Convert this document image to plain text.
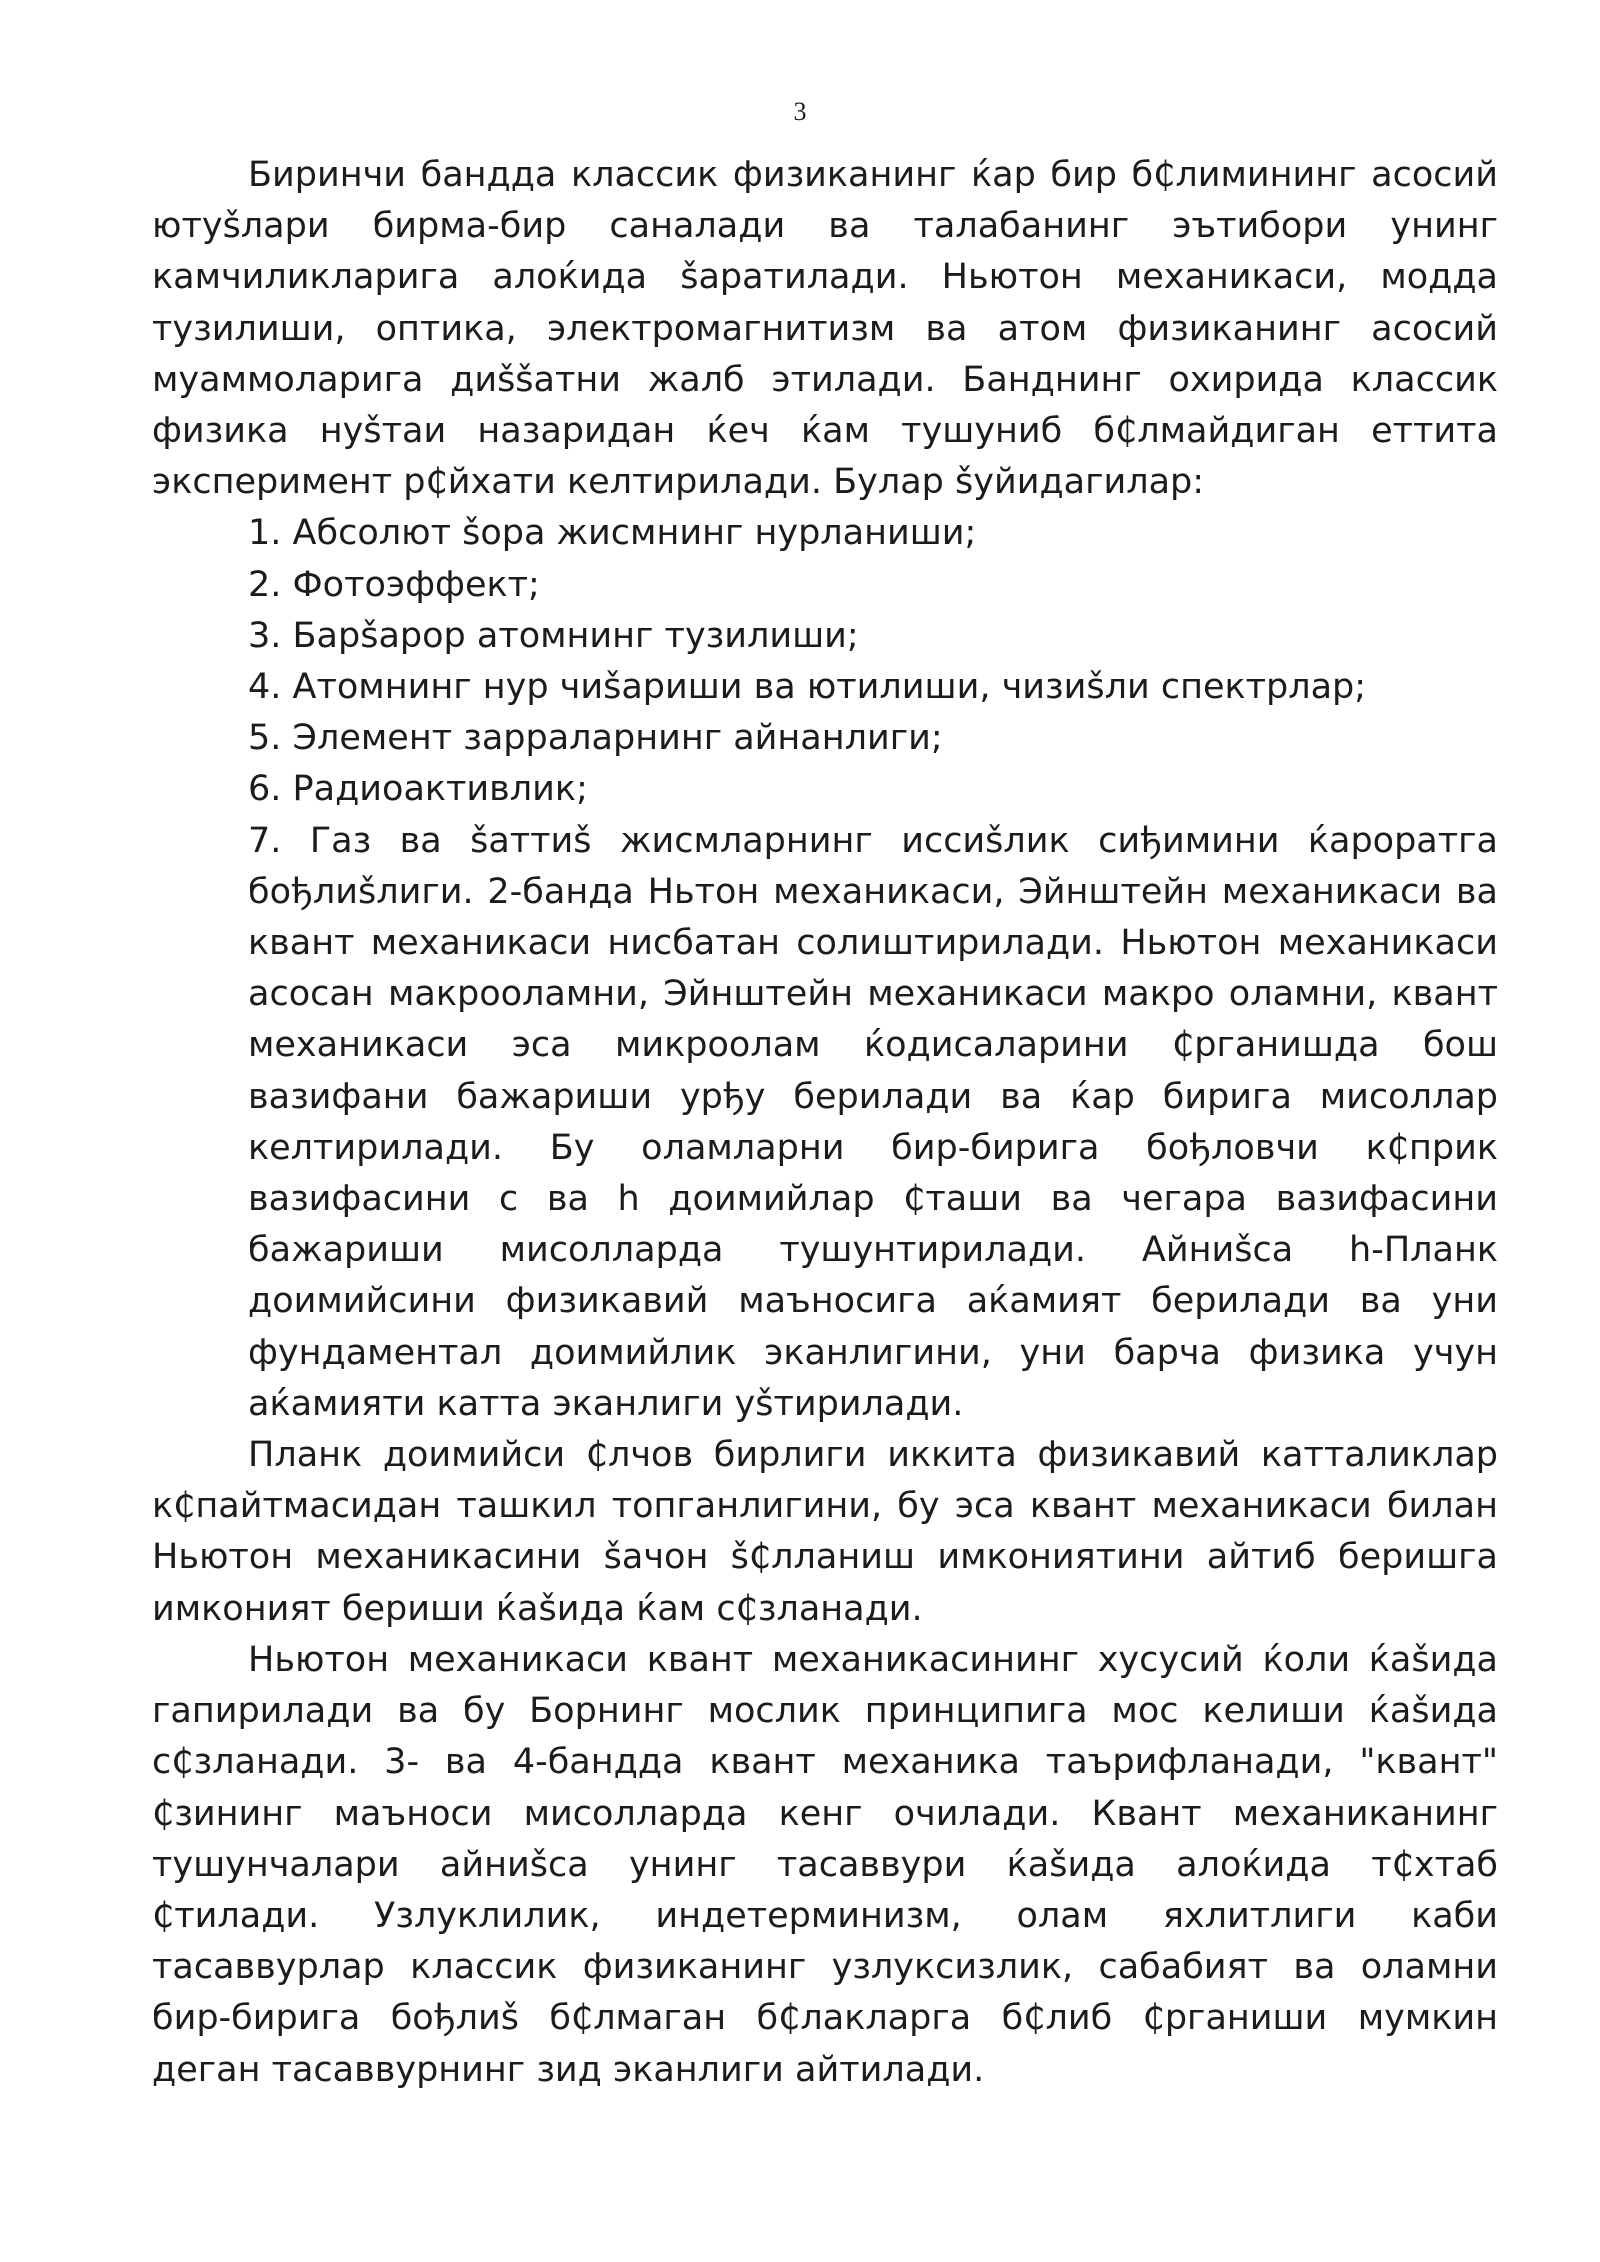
3

Биринчи бандда классик физиканинг ќар бир б₵лимининг асосий ютуšлари бирма-бир саналади ва талабанинг эътибори унинг камчиликларига алоќида šаратилади. Ньютон механикаси, модда тузилиши, оптика, электромагнитизм ва атом физиканинг асосий муаммоларига диššатни жалб этилади. Банднинг охирида классик физика нуšтаи назаридан ќеч ќам тушуниб б₵лмайдиган еттита эксперимент р₵йхати келтирилади. Булар šуйидагилар:

1. Абсолют šора жисмнинг нурланиши;
2. Фотоэффект;
3. Барšарор атомнинг тузилиши;
4. Атомнинг нур чиšариши ва ютилиши, чизиšли спектрлар;
5. Элемент зарраларнинг айнанлиги;
6. Радиоактивлик;
7. Газ ва šаттиš жисмларнинг иссиšлик сиђимини ќароратга бођлиšлиги. 2-банда Ньтон механикаси, Эйнштейн механикаси ва квант механикаси нисбатан солиштирилади. Ньютон механикаси асосан макрооламни, Эйнштейн механикаси макро оламни, квант механикаси эса микроолам ќодисаларини ₵рганишда бош вазифани бажариши урђу берилади ва ќар бирига мисоллар келтирилади. Бу оламларни бир-бирига бођловчи к₵прик вазифасини с ва h доимийлар ₵таши ва чегара вазифасини бажариши мисолларда тушунтирилади. Айниšса h-Планк доимийсини физикавий маъносига аќамият берилади ва уни фундаментал доимийлик эканлигини, уни барча физика учун аќамияти катта эканлиги уšтирилади.

Планк доимийси ₵лчов бирлиги иккита физикавий катталиклар к₵пайтмасидан ташкил топганлигини, бу эса квант механикаси билан Ньютон механикасини šачон š₵лланиш имкониятини айтиб беришга имконият бериши ќašида ќам с₵зланади.

Ньютон механикаси квант механикасининг хусусий ќоли ќašида гапирилади ва бу Борнинг мослик принципига мос келиши ќašида с₵зланади. 3- ва 4-бандда квант механика таърифланади, "квант" ₵зининг маъноси мисолларда кенг очилади. Квант механиканинг тушунчалари айниšса унинг тасаввури ќašида алоќида т₵хтаб ₵тилади. Узлуклилик, индетерминизм, олам яхлитлиги каби тасаввурлар классик физиканинг узлуксизлик, сабабият ва оламни бир-бирига бођлиš б₵лмаган б₵лакларга б₵либ ₵рганиши мумкин деган тасаввурнинг зид эканлиги айтилади.
